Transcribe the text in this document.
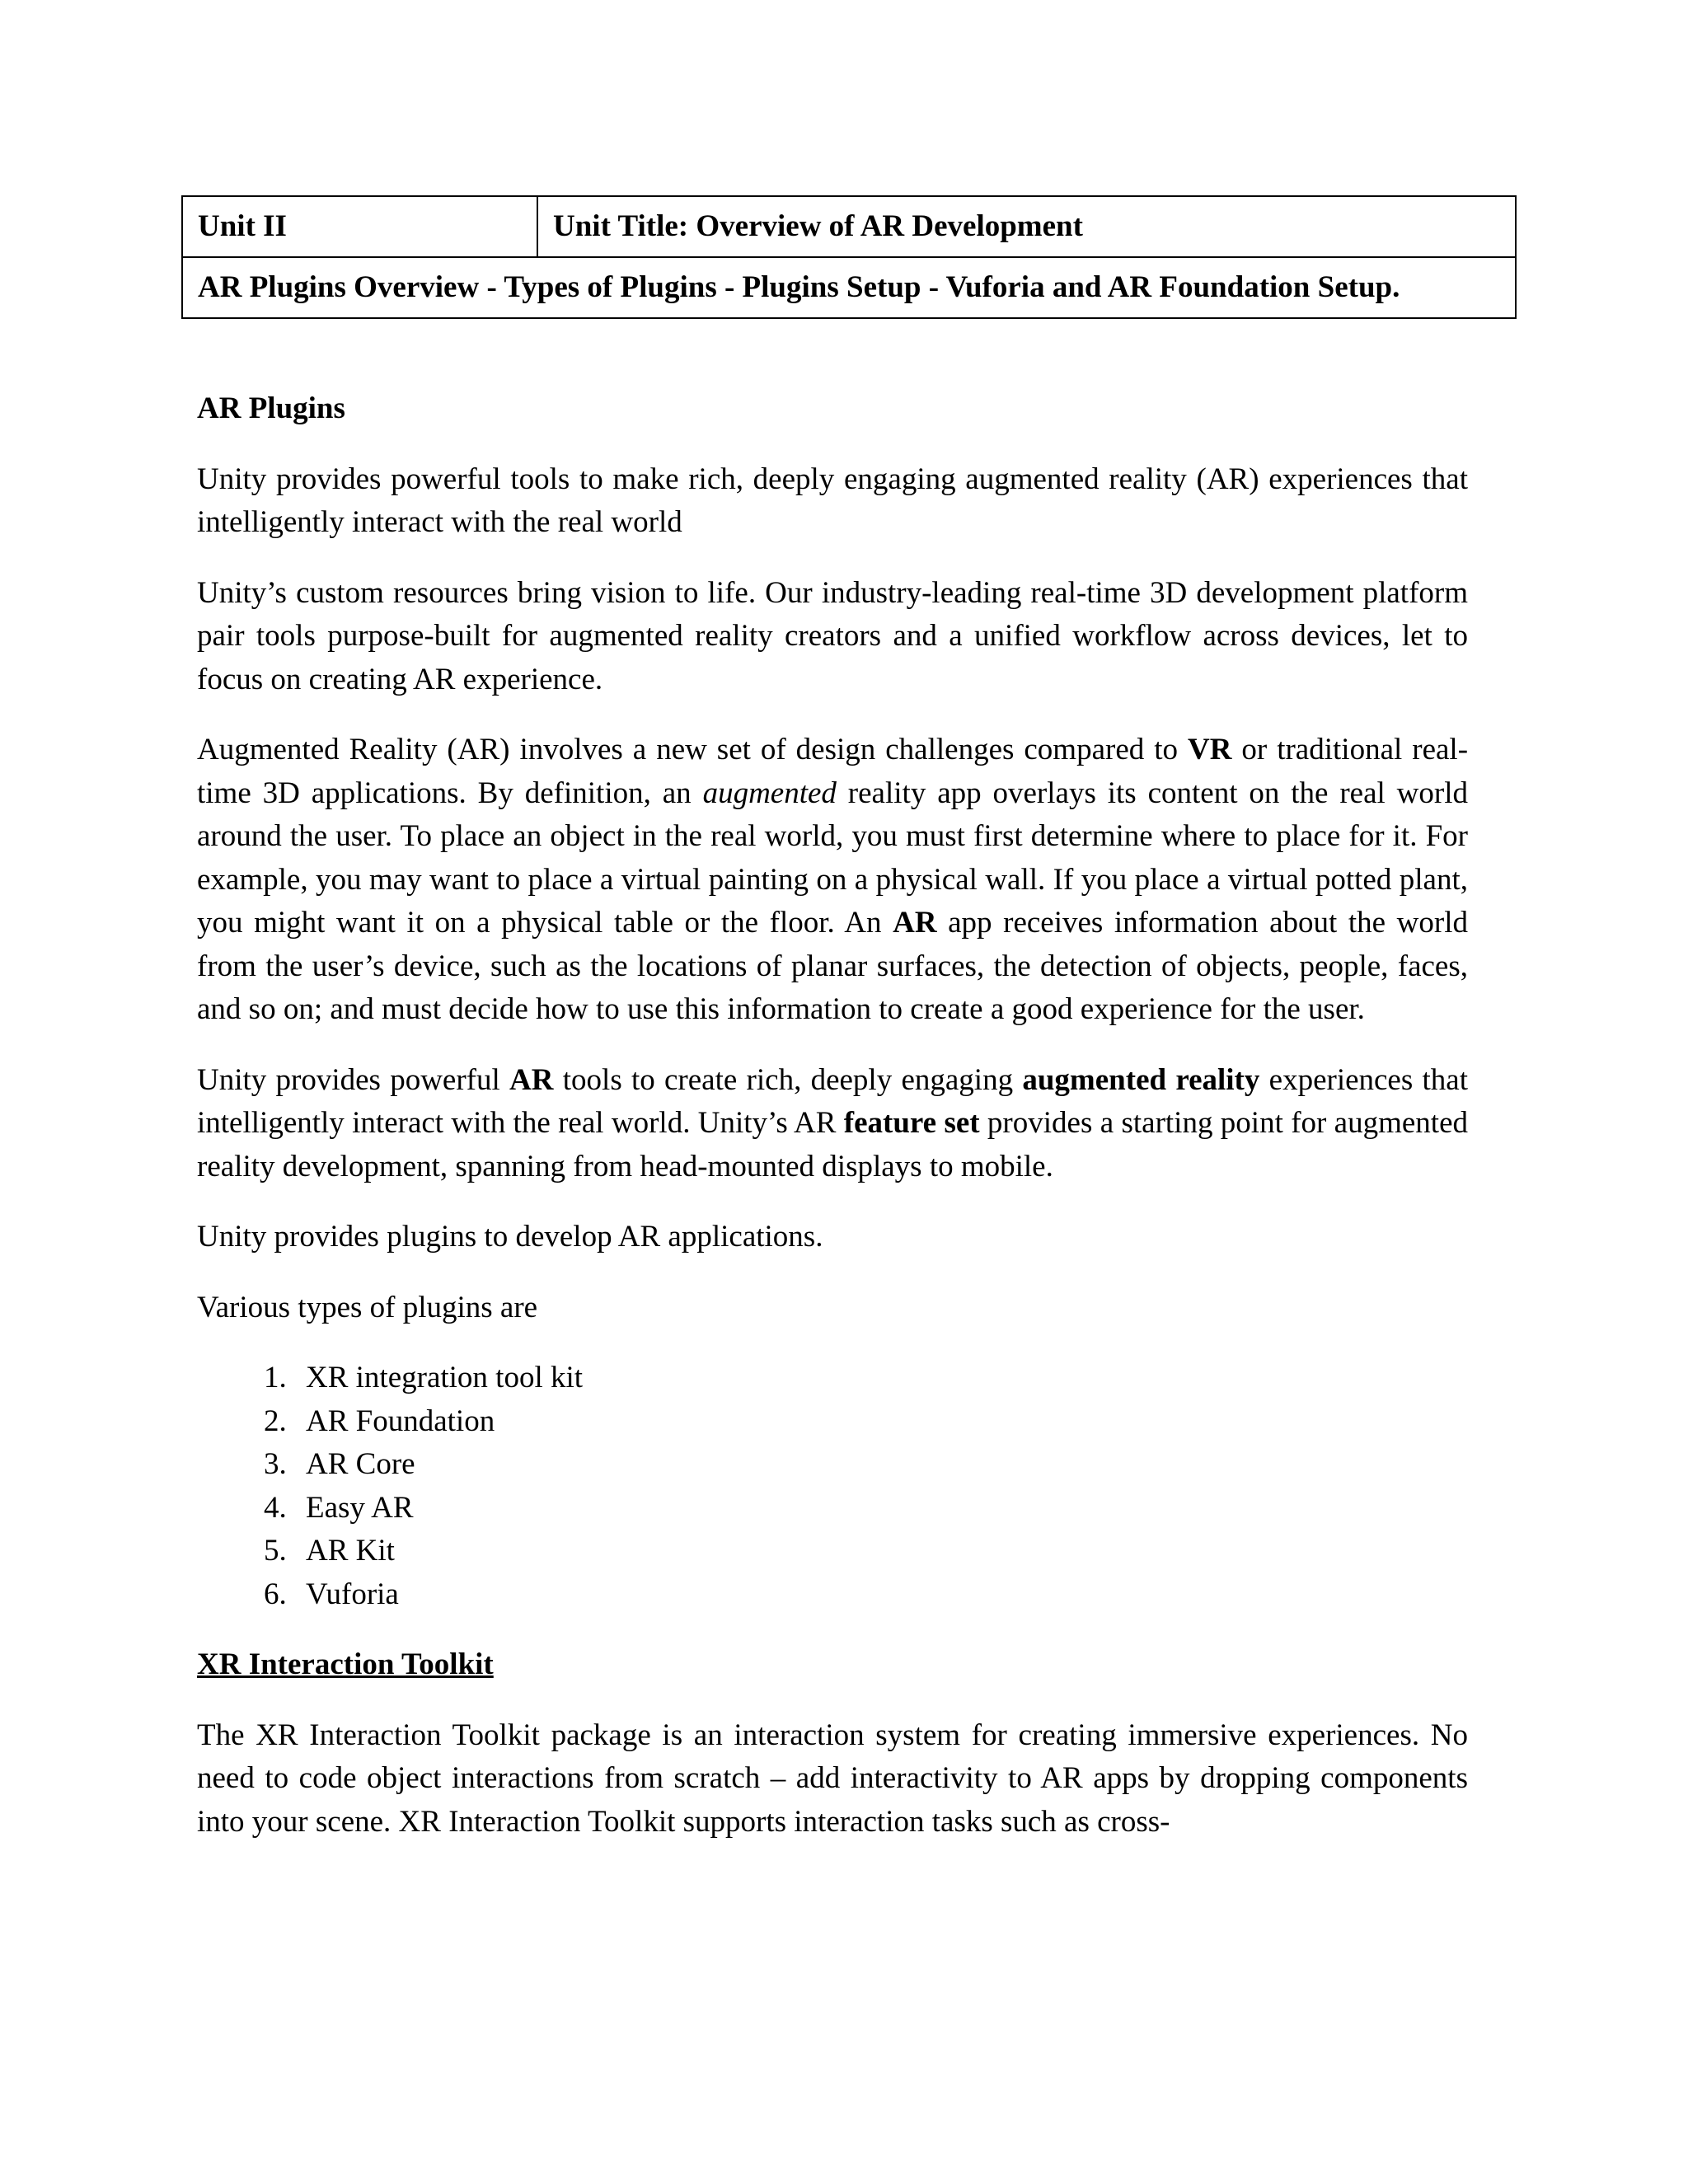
Unit II	Unit Title: Overview of AR Development
AR Plugins Overview - Types of Plugins - Plugins Setup - Vuforia and AR Foundation Setup.
AR Plugins

Unity provides powerful tools to make rich, deeply engaging augmented reality (AR) experiences that intelligently interact with the real world

Unity’s custom resources bring vision to life. Our industry-leading real-time 3D development platform pair tools purpose-built for augmented reality creators and a unified workflow across devices, let to focus on creating AR experience.

Augmented Reality (AR) involves a new set of design challenges compared to VR or traditional real-time 3D applications. By definition, an augmented reality app overlays its content on the real world around the user. To place an object in the real world, you must first determine where to place for it. For example, you may want to place a virtual painting on a physical wall. If you place a virtual potted plant, you might want it on a physical table or the floor. An AR app receives information about the world from the user’s device, such as the locations of planar surfaces, the detection of objects, people, faces, and so on; and must decide how to use this information to create a good experience for the user.

Unity provides powerful AR tools to create rich, deeply engaging augmented reality experiences that intelligently interact with the real world. Unity’s AR feature set provides a starting point for augmented reality development, spanning from head-mounted displays to mobile.

Unity provides plugins to develop AR applications.

Various types of plugins are

1. XR integration tool kit
2. AR Foundation
3. AR Core
4. Easy AR
5. AR Kit
6. Vuforia
XR Interaction Toolkit

The XR Interaction Toolkit package is an interaction system for creating immersive experiences. No need to code object interactions from scratch – add interactivity to AR apps by dropping components into your scene. XR Interaction Toolkit supports interaction tasks such as cross-
